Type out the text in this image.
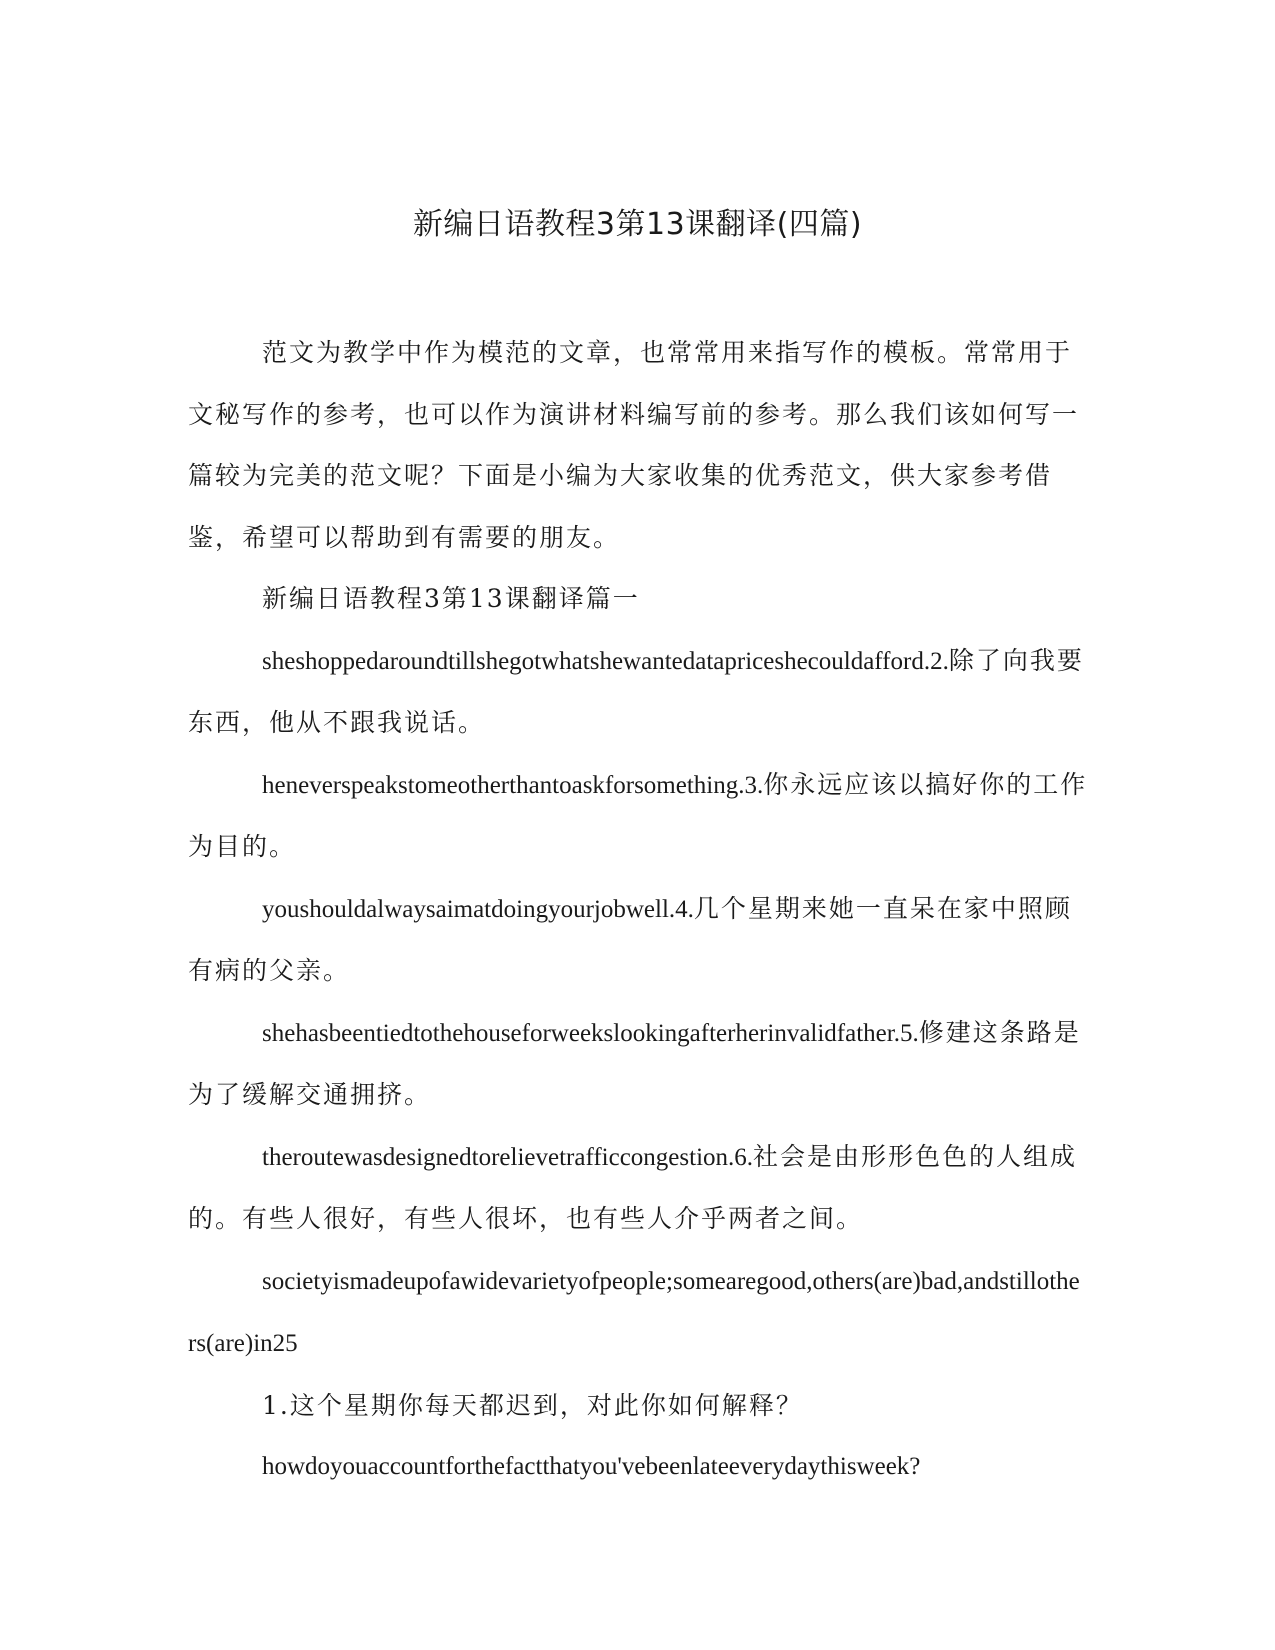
新编日语教程3第13课翻译(四篇)

范文为教学中作为模范的文章，也常常用来指写作的模板。常常用于文秘写作的参考，也可以作为演讲材料编写前的参考。那么我们该如何写一篇较为完美的范文呢？下面是小编为大家收集的优秀范文，供大家参考借鉴，希望可以帮助到有需要的朋友。

新编日语教程3第13课翻译篇一

sheshoppedaroundtillshegotwhatshewantedatapriceshecouldafford.2.除了向我要东西，他从不跟我说话。

heneverspeakstomeotherthantoaskforsomething.3.你永远应该以搞好你的工作为目的。

youshouldalwaysaimatdoingyourjobwell.4.几个星期来她一直呆在家中照顾有病的父亲。

shehasbeentiedtothehouseforweekslookingafterherinvalidfather.5.修建这条路是为了缓解交通拥挤。

theroutewasdesignedtorelievetrafficcongestion.6.社会是由形形色色的人组成的。有些人很好，有些人很坏，也有些人介乎两者之间。

societyismadeupofawidevarietyofpeople;somearegood,others(are)bad,andstillothers(are)in25

1.这个星期你每天都迟到，对此你如何解释？

howdoyouaccountforthefactthatyou'vebeenlateeverydaythisweek?
